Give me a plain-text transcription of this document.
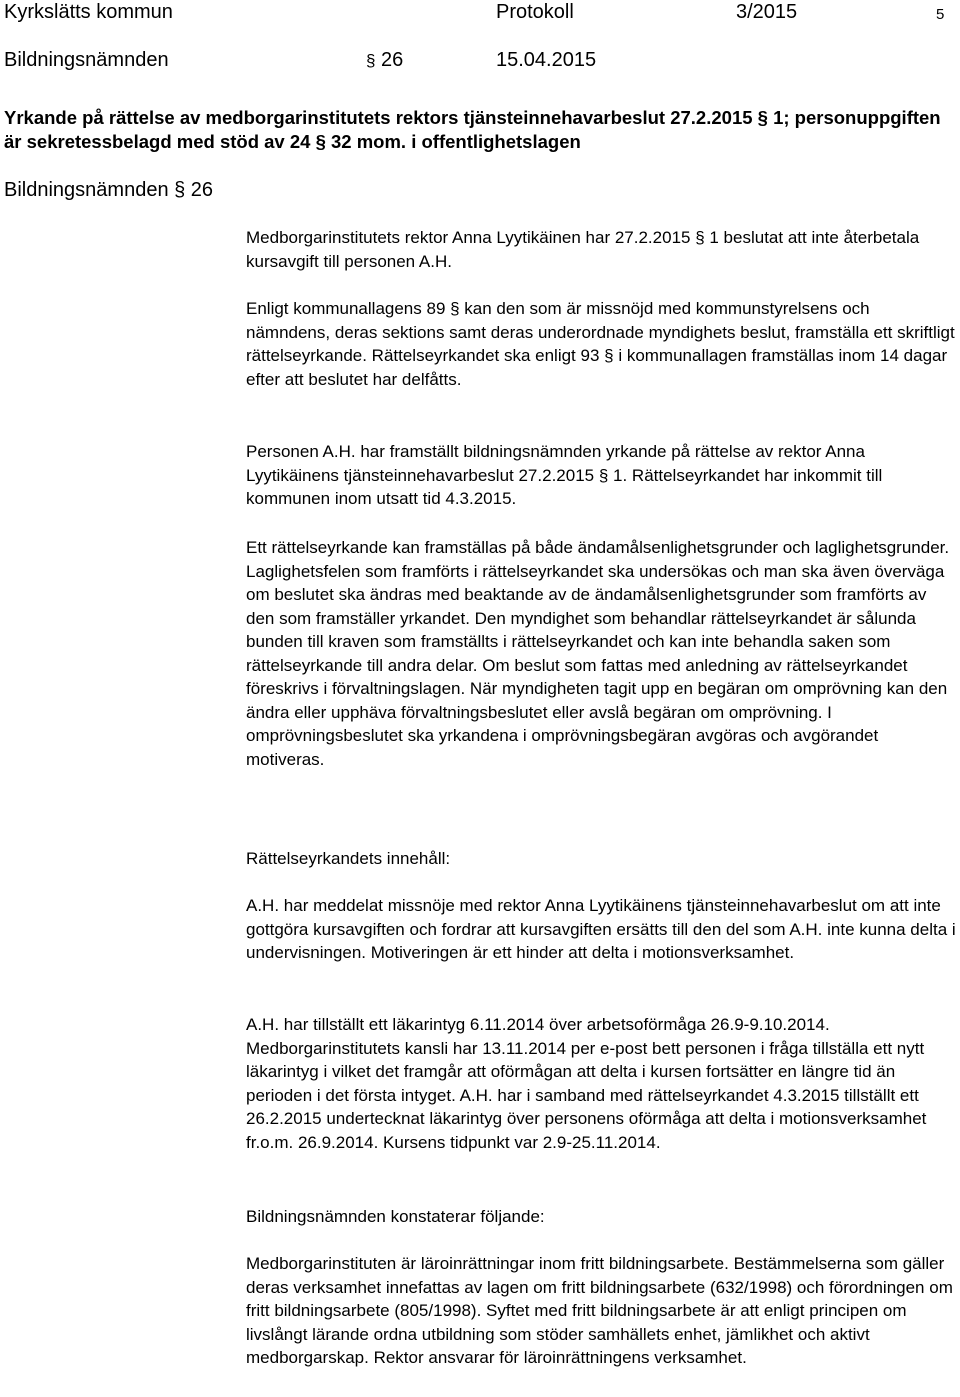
Kyrkslätts kommun	Protokoll	3/2015	5
Bildningsnämnden	§ 26	15.04.2015
Yrkande på rättelse av medborgarinstitutets rektors tjänsteinnehavarbeslut 27.2.2015 § 1; personuppgiften är sekretessbelagd med stöd av 24 § 32 mom. i offentlighetslagen
Bildningsnämnden § 26

Medborgarinstitutets rektor Anna Lyytikäinen har 27.2.2015 § 1 beslutat att inte återbetala kursavgift till personen A.H.

Enligt kommunallagens 89 § kan den som är missnöjd med kommunstyrelsens och nämndens, deras sektions samt deras underordnade myndighets beslut, framställa ett skriftligt rättelseyrkande. Rättelseyrkandet ska enligt 93 § i kommunallagen framställas inom 14 dagar efter att beslutet har delfåtts.

Personen A.H. har framställt bildningsnämnden yrkande på rättelse av rektor Anna Lyytikäinens tjänsteinnehavarbeslut 27.2.2015 § 1. Rättelseyrkandet har inkommit till kommunen inom utsatt tid 4.3.2015.

Ett rättelseyrkande kan framställas på både ändamålsenlighetsgrunder och laglighetsgrunder. Laglighetsfelen som framförts i rättelseyrkandet ska undersökas och man ska även överväga om beslutet ska ändras med beaktande av de ändamålsenlighetsgrunder som framförts av den som framställer yrkandet. Den myndighet som behandlar rättelseyrkandet är sålunda bunden till kraven som framställts i rättelseyrkandet och kan inte behandla saken som rättelseyrkande till andra delar. Om beslut som fattas med anledning av rättelseyrkandet föreskrivs i förvaltningslagen. När myndigheten tagit upp en begäran om omprövning kan den ändra eller upphäva förvaltningsbeslutet eller avslå begäran om omprövning. I omprövningsbeslutet ska yrkandena i omprövningsbegäran avgöras och avgörandet motiveras.

Rättelseyrkandets innehåll:

A.H. har meddelat missnöje med rektor Anna Lyytikäinens tjänsteinnehavarbeslut om att inte gottgöra kursavgiften och fordrar att kursavgiften ersätts till den del som A.H. inte kunna delta i undervisningen. Motiveringen är ett hinder att delta i motionsverksamhet.

A.H. har tillställt ett läkarintyg 6.11.2014 över arbetsoförmåga 26.9-9.10.2014. Medborgarinstitutets kansli har 13.11.2014 per e-post bett personen i fråga tillställa ett nytt läkarintyg i vilket det framgår att oförmågan att delta i kursen fortsätter en längre tid än perioden i det första intyget. A.H. har i samband med rättelseyrkandet 4.3.2015 tillställt ett 26.2.2015 undertecknat läkarintyg över personens oförmåga att delta i motionsverksamhet fr.o.m. 26.9.2014. Kursens tidpunkt var 2.9-25.11.2014.

Bildningsnämnden konstaterar följande:

Medborgarinstituten är läroinrättningar inom fritt bildningsarbete. Bestämmelserna som gäller deras verksamhet innefattas av lagen om fritt bildningsarbete (632/1998) och förordningen om fritt bildningsarbete (805/1998). Syftet med fritt bildningsarbete är att enligt principen om livslångt lärande ordna utbildning som stöder samhällets enhet, jämlikhet och aktivt medborgarskap. Rektor ansvarar för läroinrättningens verksamhet.
